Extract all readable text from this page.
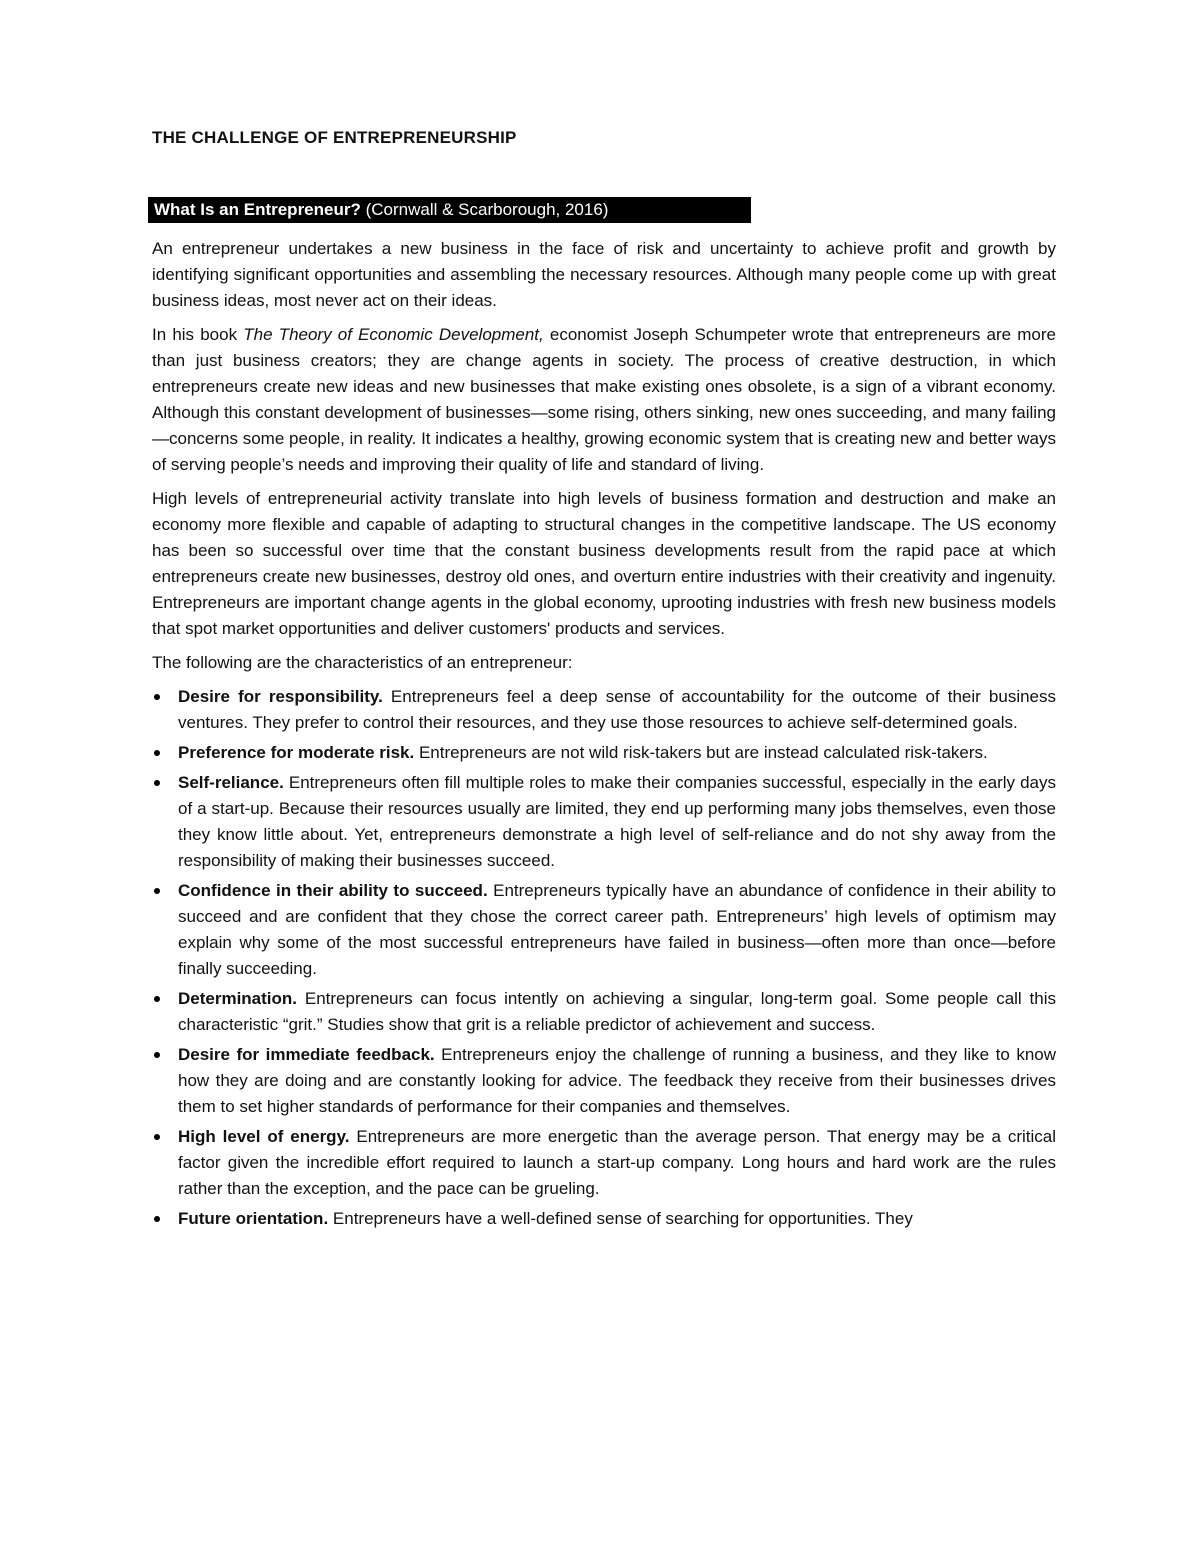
THE CHALLENGE OF ENTREPRENEURSHIP
What Is an Entrepreneur? (Cornwall & Scarborough, 2016)

An entrepreneur undertakes a new business in the face of risk and uncertainty to achieve profit and growth by identifying significant opportunities and assembling the necessary resources. Although many people come up with great business ideas, most never act on their ideas.

In his book The Theory of Economic Development, economist Joseph Schumpeter wrote that entrepreneurs are more than just business creators; they are change agents in society. The process of creative destruction, in which entrepreneurs create new ideas and new businesses that make existing ones obsolete, is a sign of a vibrant economy. Although this constant development of businesses—some rising, others sinking, new ones succeeding, and many failing—concerns some people, in reality. It indicates a healthy, growing economic system that is creating new and better ways of serving people’s needs and improving their quality of life and standard of living.

High levels of entrepreneurial activity translate into high levels of business formation and destruction and make an economy more flexible and capable of adapting to structural changes in the competitive landscape. The US economy has been so successful over time that the constant business developments result from the rapid pace at which entrepreneurs create new businesses, destroy old ones, and overturn entire industries with their creativity and ingenuity. Entrepreneurs are important change agents in the global economy, uprooting industries with fresh new business models that spot market opportunities and deliver customers' products and services.

The following are the characteristics of an entrepreneur:

Desire for responsibility. Entrepreneurs feel a deep sense of accountability for the outcome of their business ventures. They prefer to control their resources, and they use those resources to achieve self-determined goals.
Preference for moderate risk. Entrepreneurs are not wild risk-takers but are instead calculated risk-takers.
Self-reliance. Entrepreneurs often fill multiple roles to make their companies successful, especially in the early days of a start-up. Because their resources usually are limited, they end up performing many jobs themselves, even those they know little about. Yet, entrepreneurs demonstrate a high level of self-reliance and do not shy away from the responsibility of making their businesses succeed.
Confidence in their ability to succeed. Entrepreneurs typically have an abundance of confidence in their ability to succeed and are confident that they chose the correct career path. Entrepreneurs’ high levels of optimism may explain why some of the most successful entrepreneurs have failed in business—often more than once—before finally succeeding.
Determination. Entrepreneurs can focus intently on achieving a singular, long-term goal. Some people call this characteristic “grit.” Studies show that grit is a reliable predictor of achievement and success.
Desire for immediate feedback. Entrepreneurs enjoy the challenge of running a business, and they like to know how they are doing and are constantly looking for advice. The feedback they receive from their businesses drives them to set higher standards of performance for their companies and themselves.
High level of energy. Entrepreneurs are more energetic than the average person. That energy may be a critical factor given the incredible effort required to launch a start-up company. Long hours and hard work are the rules rather than the exception, and the pace can be grueling.
Future orientation. Entrepreneurs have a well-defined sense of searching for opportunities. They
